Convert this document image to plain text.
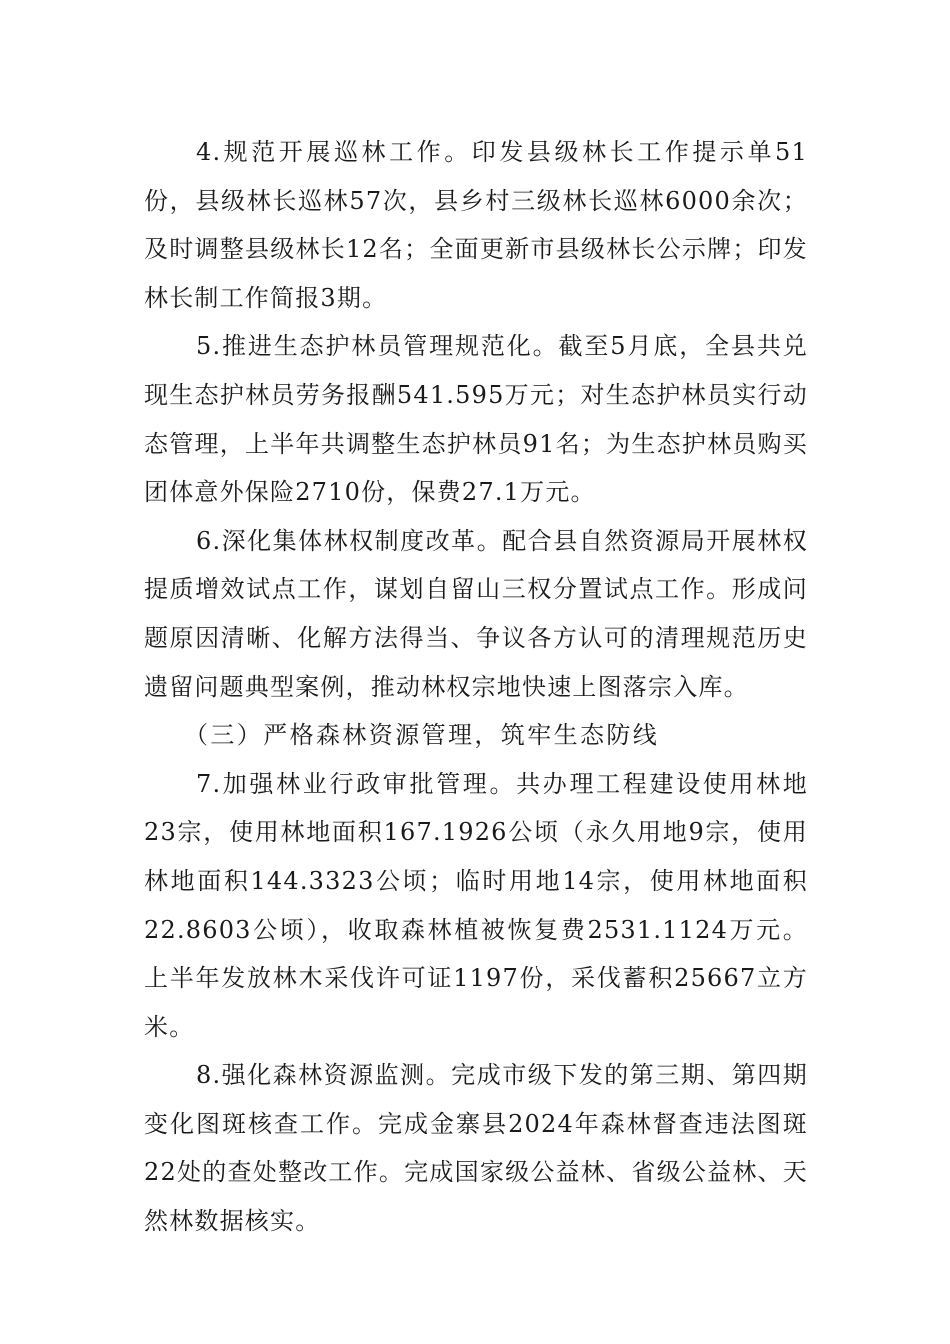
4.规范开展巡林工作。印发县级林长工作提示单51份，县级林长巡林57次，县乡村三级林长巡林6000余次；及时调整县级林长12名；全面更新市县级林长公示牌；印发林长制工作简报3期。

5.推进生态护林员管理规范化。截至5月底，全县共兑现生态护林员劳务报酬541.595万元；对生态护林员实行动态管理，上半年共调整生态护林员91名；为生态护林员购买团体意外保险2710份，保费27.1万元。

6.深化集体林权制度改革。配合县自然资源局开展林权提质增效试点工作，谋划自留山三权分置试点工作。形成问题原因清晰、化解方法得当、争议各方认可的清理规范历史遗留问题典型案例，推动林权宗地快速上图落宗入库。

（三）严格森林资源管理，筑牢生态防线

7.加强林业行政审批管理。共办理工程建设使用林地23宗，使用林地面积167.1926公顷（永久用地9宗，使用林地面积144.3323公顷；临时用地14宗，使用林地面积22.8603公顷），收取森林植被恢复费2531.1124万元。上半年发放林木采伐许可证1197份，采伐蓄积25667立方米。

8.强化森林资源监测。完成市级下发的第三期、第四期变化图斑核查工作。完成金寨县2024年森林督查违法图斑22处的查处整改工作。完成国家级公益林、省级公益林、天然林数据核实。
